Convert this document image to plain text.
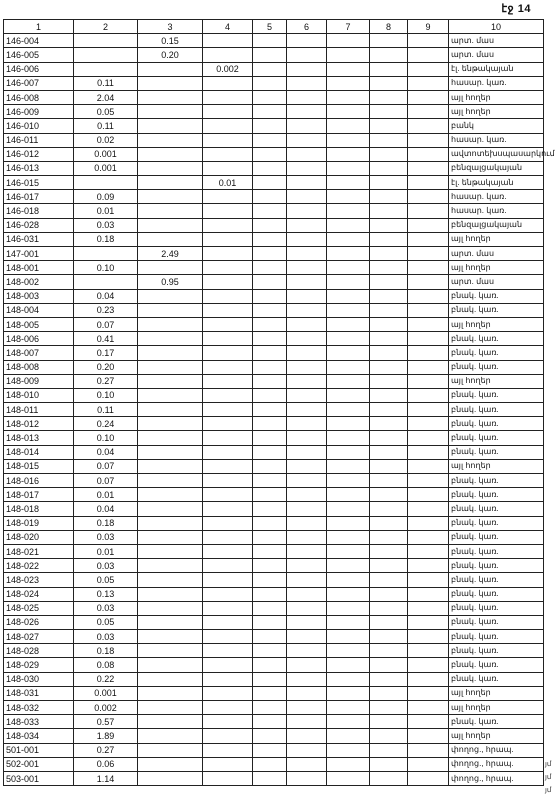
էջ 14
1	2	3	4	5	6	7	8	9	10
146-004		0.15							արտ. մաս
146-005		0.20							արտ. մաս
146-006			0.002						էլ. ենթակայան
146-007	0.11								հասար. կառ.
146-008	2.04								այլ հողեր
146-009	0.05								այլ հողեր
146-010	0.11								բանկ
146-011	0.02								հասար. կառ.
146-012	0.001								ավտոտեխսպասարկում
146-013	0.001								բենզալցակայան
146-015			0.01						էլ. ենթակայան
146-017	0.09								հասար. կառ.
146-018	0.01								հասար. կառ.
146-028	0.03								բենզալցակայան
146-031	0.18								այլ հողեր
147-001		2.49							արտ. մաս
148-001	0.10								այլ հողեր
148-002		0.95							արտ. մաս
148-003	0.04								բնակ. կառ.
148-004	0.23								բնակ. կառ.
148-005	0.07								այլ հողեր
148-006	0.41								բնակ. կառ.
148-007	0.17								բնակ. կառ.
148-008	0.20								բնակ. կառ.
148-009	0.27								այլ հողեր
148-010	0.10								բնակ. կառ.
148-011	0.11								բնակ. կառ.
148-012	0.24								բնակ. կառ.
148-013	0.10								բնակ. կառ.
148-014	0.04								բնակ. կառ.
148-015	0.07								այլ հողեր
148-016	0.07								բնակ. կառ.
148-017	0.01								բնակ. կառ.
148-018	0.04								բնակ. կառ.
148-019	0.18								բնակ. կառ.
148-020	0.03								բնակ. կառ.
148-021	0.01								բնակ. կառ.
148-022	0.03								բնակ. կառ.
148-023	0.05								բնակ. կառ.
148-024	0.13								բնակ. կառ.
148-025	0.03								բնակ. կառ.
148-026	0.05								բնակ. կառ.
148-027	0.03								բնակ. կառ.
148-028	0.18								բնակ. կառ.
148-029	0.08								բնակ. կառ.
148-030	0.22								բնակ. կառ.
148-031	0.001								այլ հողեր
148-032	0.002								այլ հողեր
148-033	0.57								բնակ. կառ.
148-034	1.89								այլ հողեր
501-001	0.27								փողոց., հրապ.
502-001	0.06								փողոց., հրապ.
503-001	1.14								փողոց., հրապ.
յմ
յմ
յմ
